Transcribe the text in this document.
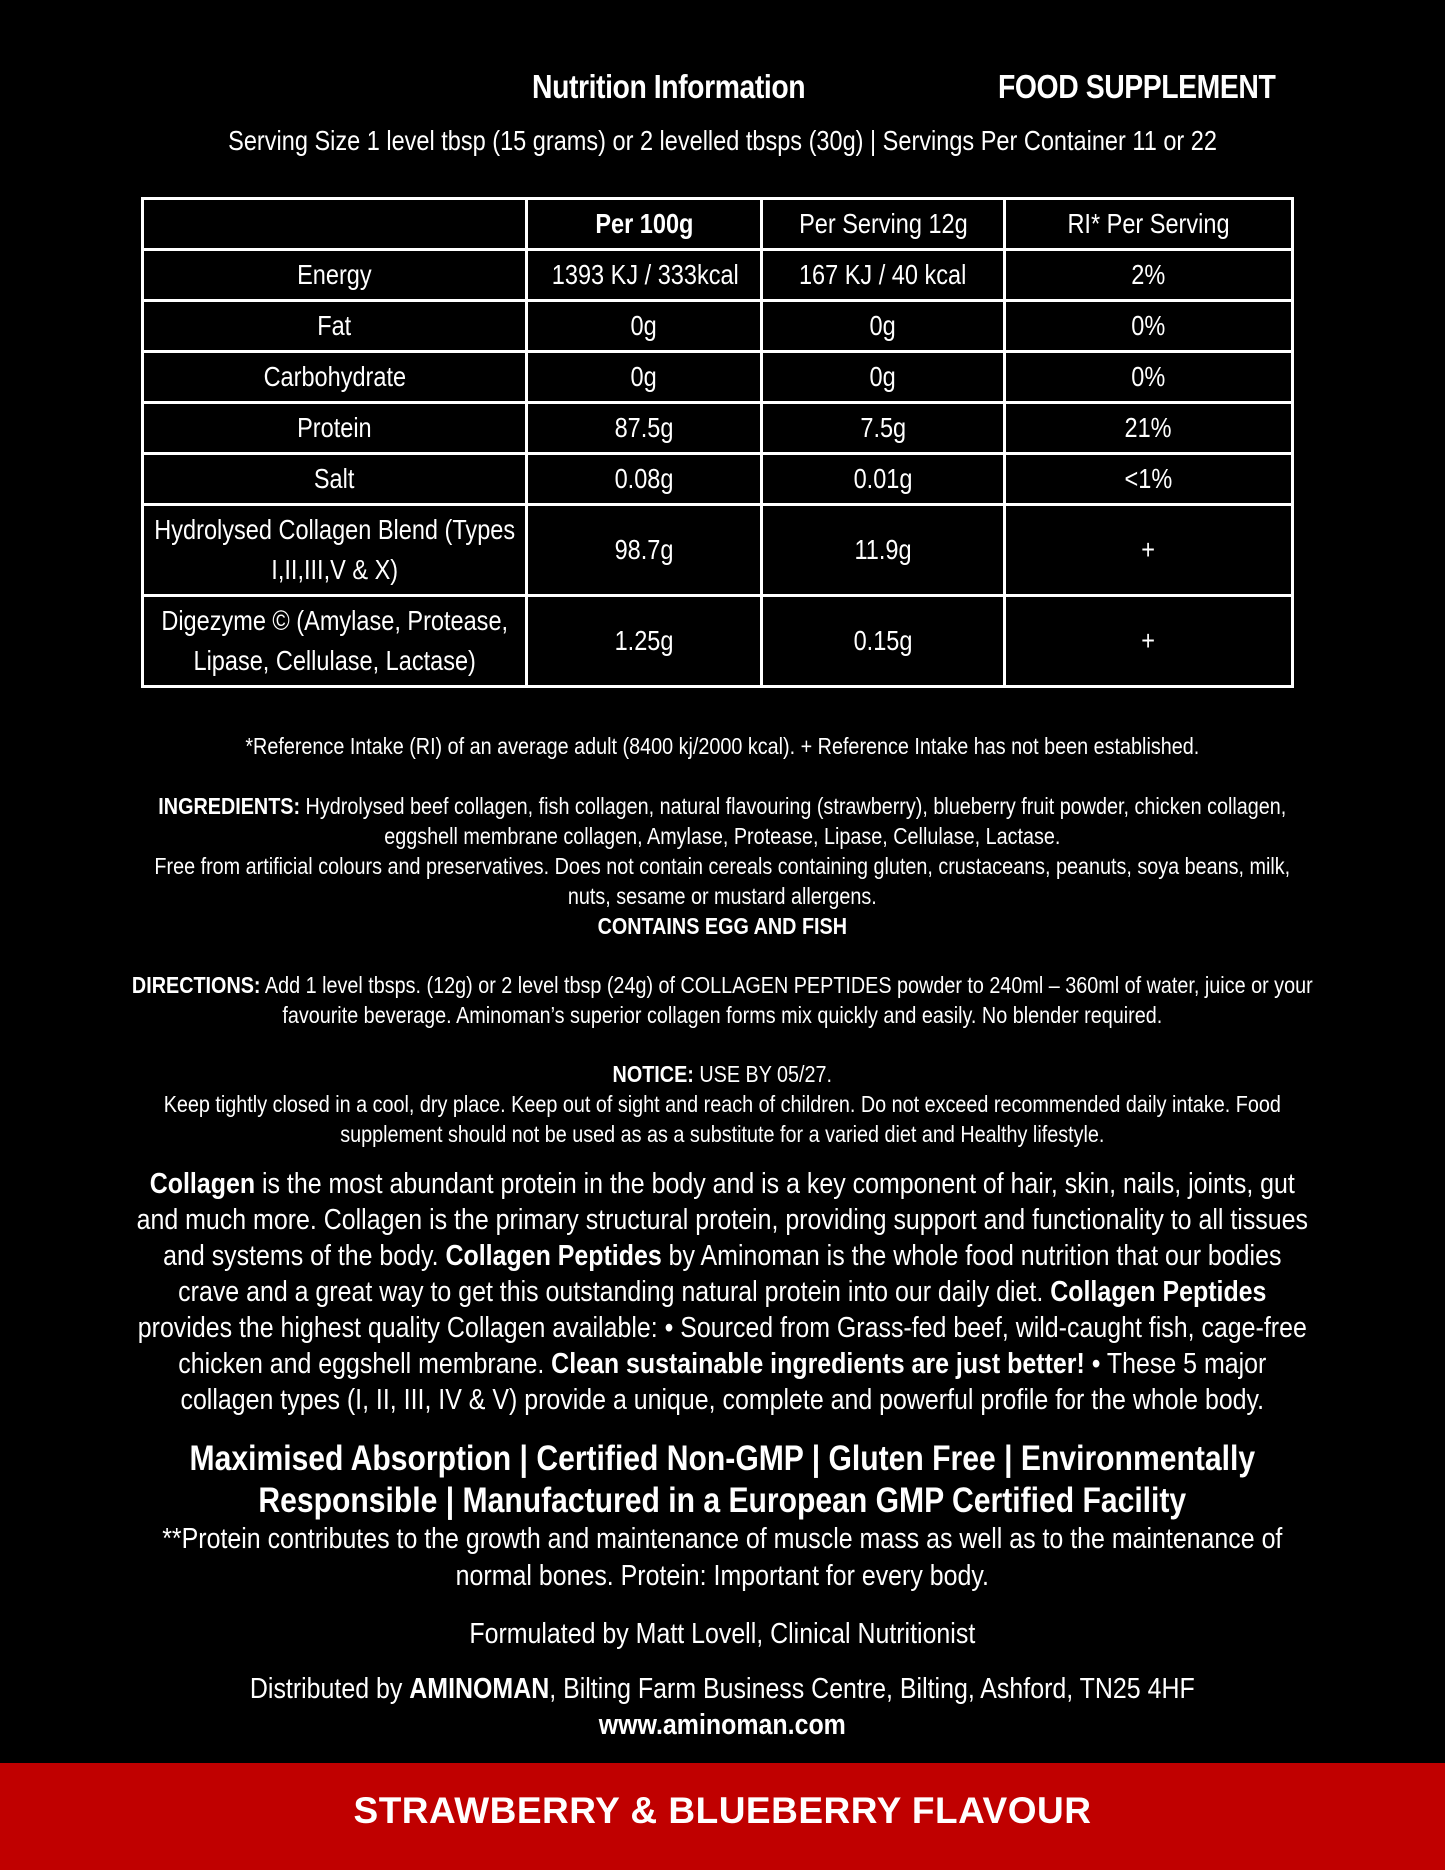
Nutrition Information	FOOD SUPPLEMENT
Serving Size 1 level tbsp (15 grams) or 2 levelled tbsps (30g) | Servings Per Container 11 or 22
	Per 100g	Per Serving 12g	RI* Per Serving
Energy	1393 KJ / 333kcal	167 KJ / 40 kcal	2%
Fat	0g	0g	0%
Carbohydrate	0g	0g	0%
Protein	87.5g	7.5g	21%
Salt	0.08g	0.01g	<1%
Hydrolysed Collagen Blend (Types I,II,III,V & X)	98.7g	11.9g	+
Digezyme © (Amylase, Protease, Lipase, Cellulase, Lactase)	1.25g	0.15g	+
*Reference Intake (RI) of an average adult (8400 kj/2000 kcal). + Reference Intake has not been established.
INGREDIENTS: Hydrolysed beef collagen, fish collagen, natural flavouring (strawberry), blueberry fruit powder, chicken collagen, eggshell membrane collagen, Amylase, Protease, Lipase, Cellulase, Lactase.
Free from artificial colours and preservatives. Does not contain cereals containing gluten, crustaceans, peanuts, soya beans, milk, nuts, sesame or mustard allergens.
CONTAINS EGG AND FISH
DIRECTIONS: Add 1 level tbsps. (12g) or 2 level tbsp (24g) of COLLAGEN PEPTIDES powder to 240ml – 360ml of water, juice or your favourite beverage. Aminoman’s superior collagen forms mix quickly and easily. No blender required.
NOTICE: USE BY 05/27.
Keep tightly closed in a cool, dry place. Keep out of sight and reach of children. Do not exceed recommended daily intake. Food supplement should not be used as as a substitute for a varied diet and Healthy lifestyle.
Collagen is the most abundant protein in the body and is a key component of hair, skin, nails, joints, gut and much more. Collagen is the primary structural protein, providing support and functionality to all tissues and systems of the body. Collagen Peptides by Aminoman is the whole food nutrition that our bodies crave and a great way to get this outstanding natural protein into our daily diet. Collagen Peptides provides the highest quality Collagen available: • Sourced from Grass-fed beef, wild-caught fish, cage-free chicken and eggshell membrane. Clean sustainable ingredients are just better! • These 5 major collagen types (I, II, III, IV & V) provide a unique, complete and powerful profile for the whole body.
Maximised Absorption | Certified Non-GMP | Gluten Free | Environmentally Responsible | Manufactured in a European GMP Certified Facility
**Protein contributes to the growth and maintenance of muscle mass as well as to the maintenance of normal bones. Protein: Important for every body.
Formulated by Matt Lovell, Clinical Nutritionist
Distributed by AMINOMAN, Bilting Farm Business Centre, Bilting, Ashford, TN25 4HF
www.aminoman.com
STRAWBERRY & BLUEBERRY FLAVOUR
